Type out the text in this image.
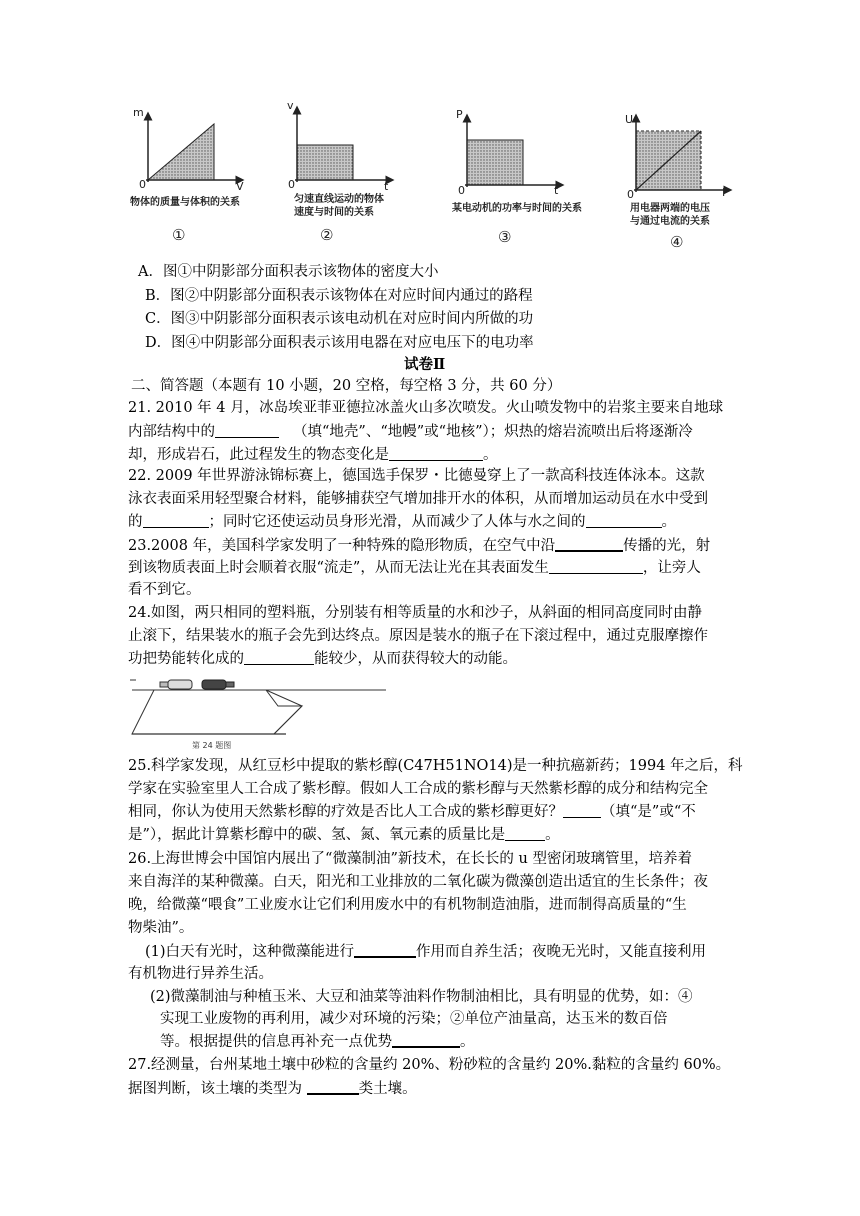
m
V
0
物体的质量与体积的关系
①
v
t
0
匀速直线运动的物体
速度与时间的关系
②
P
t
0
某电动机的功率与时间的关系
③
U
I
0
用电器两端的电压
与通过电流的关系
④
A．图①中阴影部分面积表示该物体的密度大小
B．图②中阴影部分面积表示该物体在对应时间内通过的路程
C．图③中阴影部分面积表示该电动机在对应时间内所做的功
D．图④中阴影部分面积表示该用电器在对应电压下的电功率
试卷Ⅱ
二、简答题（本题有 10 小题，20 空格，每空格 3 分，共 60 分）
21. 2010 年 4 月，冰岛埃亚菲亚德拉冰盖火山多次喷发。火山喷发物中的岩浆主要来自地球
内部结构中的	（填“地壳”、“地幔”或“地核”）；炽热的熔岩流喷出后将逐渐冷
却，形成岩石，此过程发生的物态变化是	。
22. 2009 年世界游泳锦标赛上，德国选手保罗・比德曼穿上了一款高科技连体泳本。这款
泳衣表面采用轻型聚合材料，能够捕获空气增加排开水的体积，从而增加运动员在水中受到
的	；同时它还使运动员身形光滑，从而减少了人体与水之间的	。
23.2008 年，美国科学家发明了一种特殊的隐形物质，在空气中沿	传播的光，射
到该物质表面上时会顺着衣服“流走”，从而无法让光在其表面发生	，让旁人
看不到它。
24.如图，两只相同的塑料瓶，分别装有相等质量的水和沙子，从斜面的相同高度同时由静
止滚下，结果装水的瓶子会先到达终点。原因是装水的瓶子在下滚过程中，通过克服摩擦作
功把势能转化成的	能较少，从而获得较大的动能。
第 24 题图
25.科学家发现，从红豆杉中提取的紫杉醇(C47H51NO14)是一种抗癌新药；1994 年之后，科
学家在实验室里人工合成了紫杉醇。假如人工合成的紫杉醇与天然紫杉醇的成分和结构完全
相同，你认为使用天然紫杉醇的疗效是否比人工合成的紫杉醇更好？	（填“是”或“不
是”），据此计算紫杉醇中的碳、氢、氮、氧元素的质量比是	。
26.上海世博会中国馆内展出了“微藻制油”新技术，在长长的 u 型密闭玻璃管里，培养着
来自海洋的某种微藻。白天，阳光和工业排放的二氧化碳为微藻创造出适宜的生长条件；夜
晚，给微藻“喂食”工业废水让它们利用废水中的有机物制造油脂，进而制得高质量的“生
物柴油”。
(1)白天有光时，这种微藻能进行	作用而自养生活；夜晚无光时，又能直接利用
有机物进行异养生活。
(2)微藻制油与种植玉米、大豆和油菜等油料作物制油相比，具有明显的优势，如：④
实现工业废物的再利用，减少对环境的污染；②单位产油量高，达玉米的数百倍
等。根据提供的信息再补充一点优势	。
27.经测量，台州某地土壤中砂粒的含量约 20%、粉砂粒的含量约 20%.黏粒的含量约 60%。
据图判断，该土壤的类型为	类土壤。
